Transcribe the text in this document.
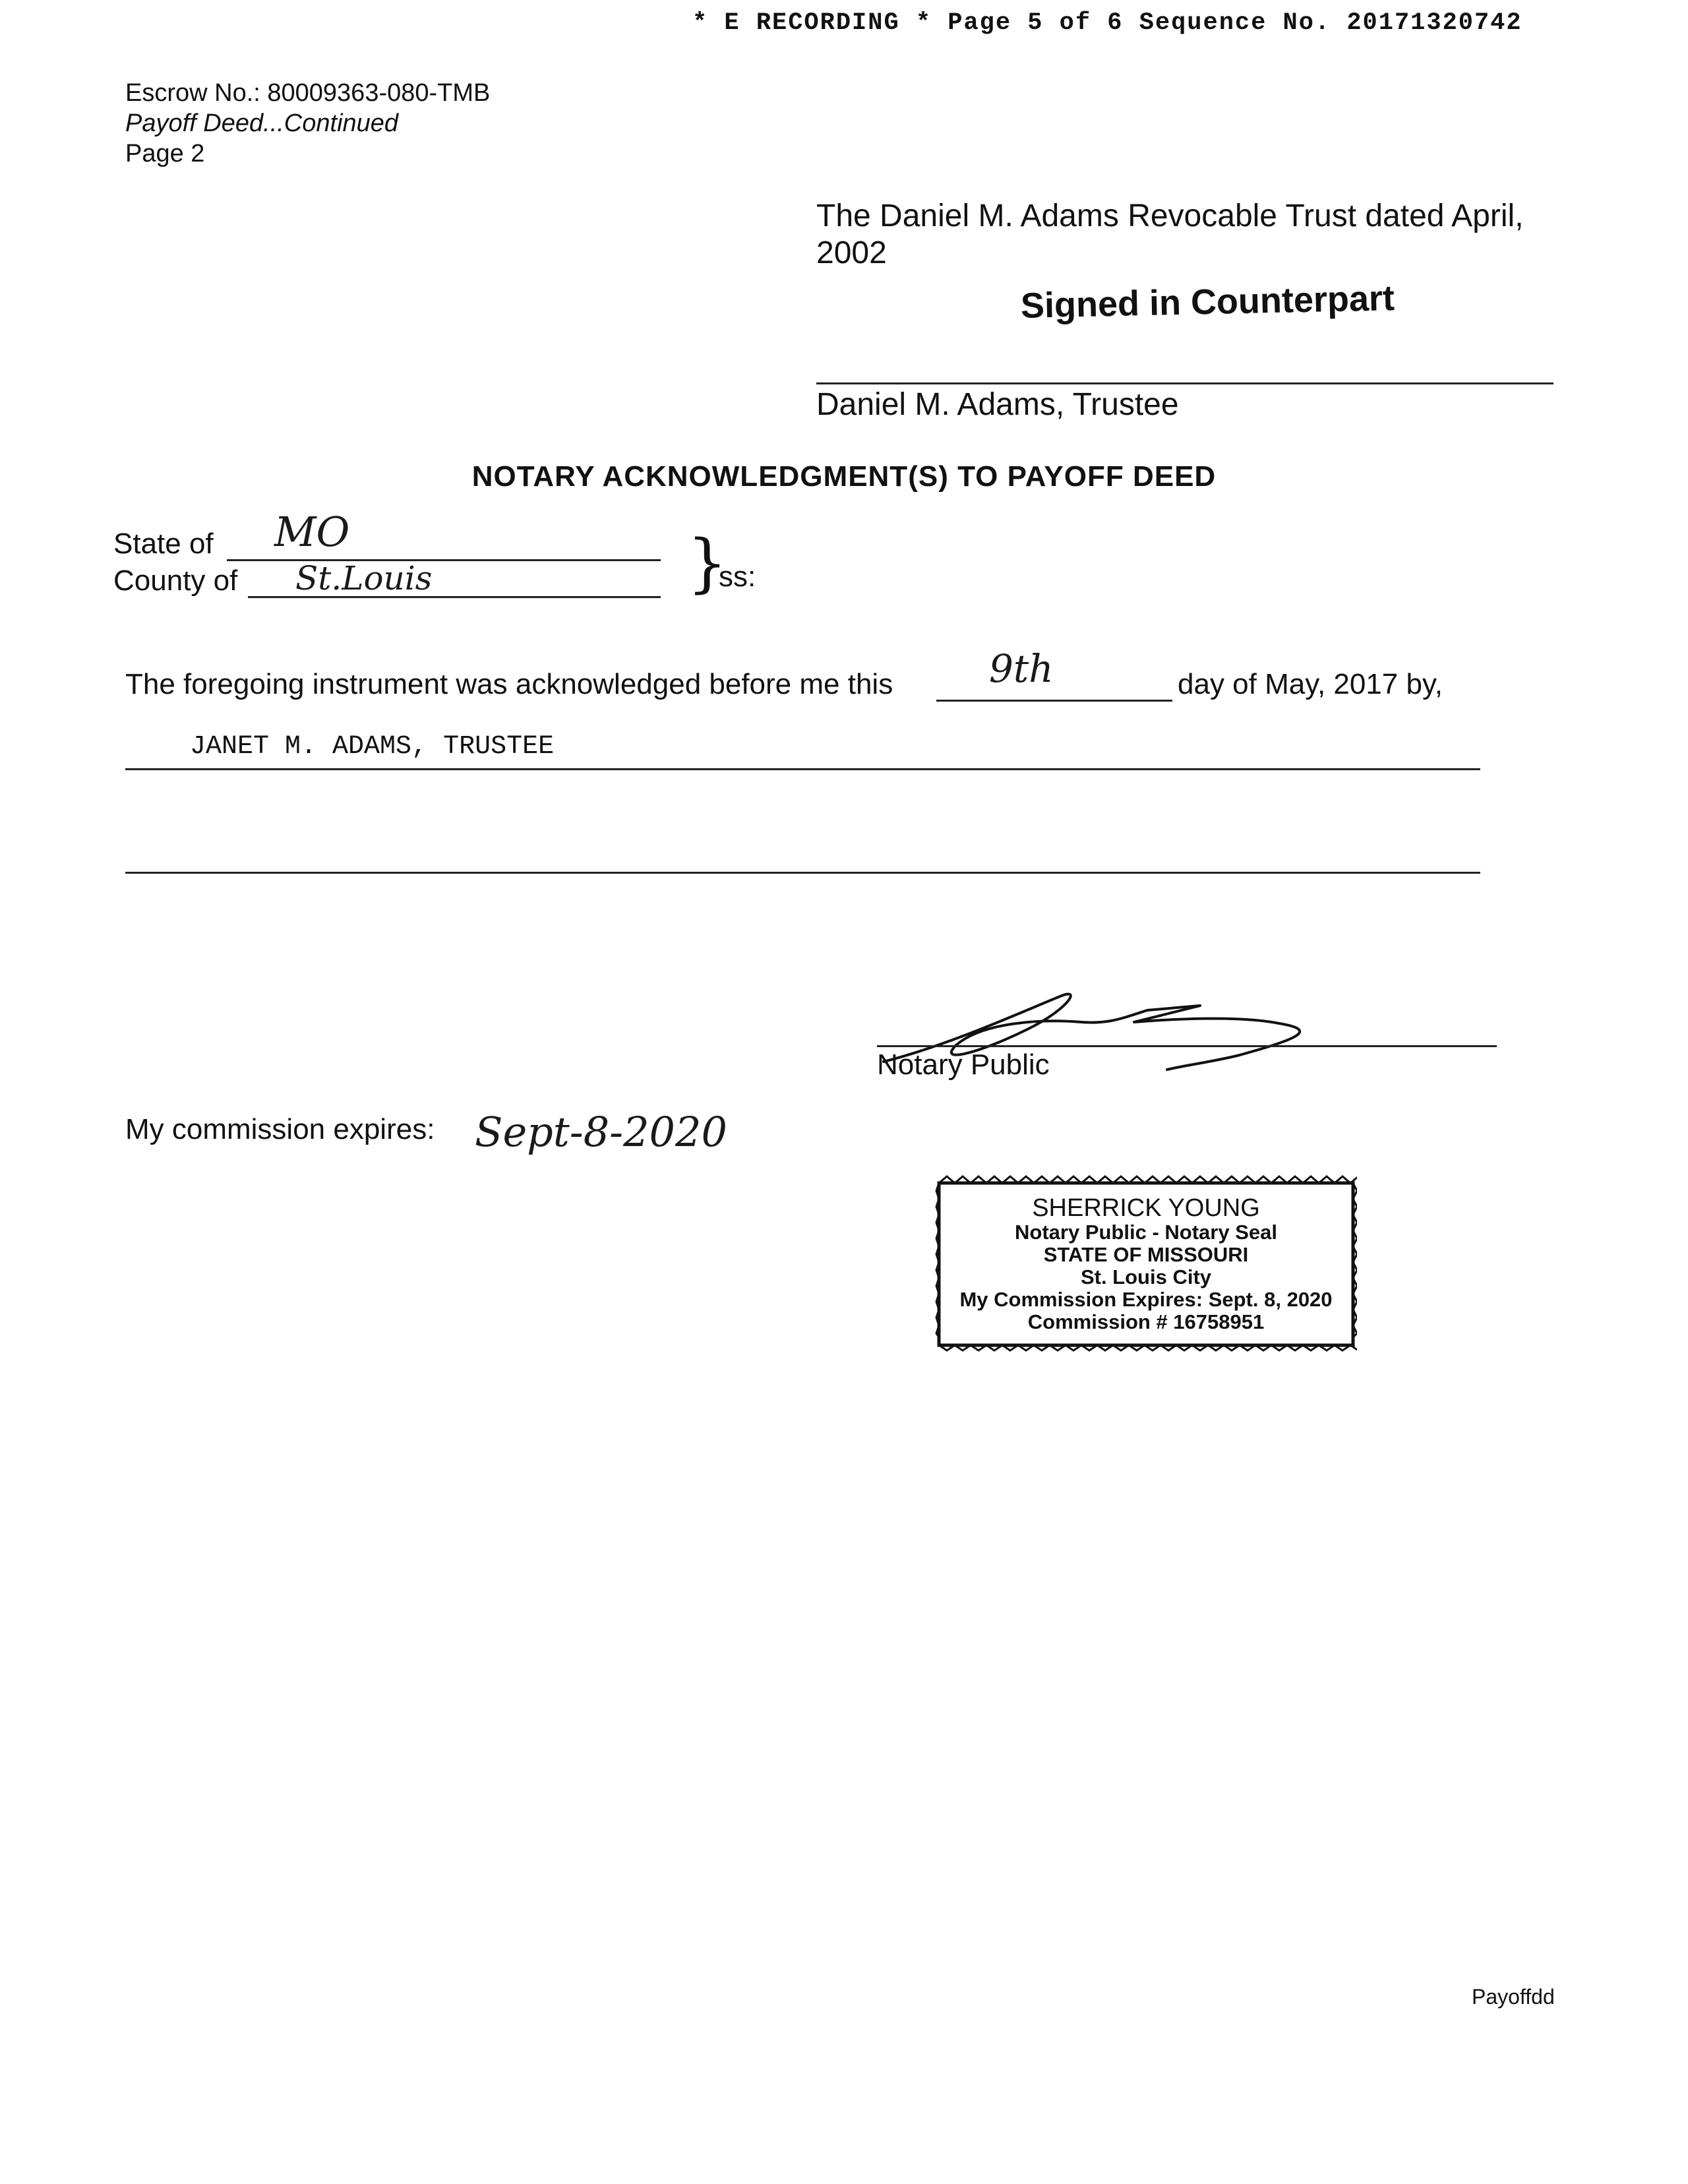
* E RECORDING * Page 5 of 6 Sequence No. 20171320742
Escrow No.: 80009363-080-TMB
Payoff Deed...Continued
Page 2
The Daniel M. Adams Revocable Trust dated April, 2002
Signed in Counterpart
Daniel M. Adams, Trustee
NOTARY ACKNOWLEDGMENT(S) TO PAYOFF DEED
State of MO
County of St.Louis	}
ss:
The foregoing instrument was acknowledged before me this	9th	day of May, 2017 by,
JANET M. ADAMS, TRUSTEE
Notary Public
My commission expires: Sept-8-2020
SHERRICK YOUNG
Notary Public - Notary Seal
STATE OF MISSOURI
St. Louis City
My Commission Expires: Sept. 8, 2020
Commission # 16758951
Payoffdd
